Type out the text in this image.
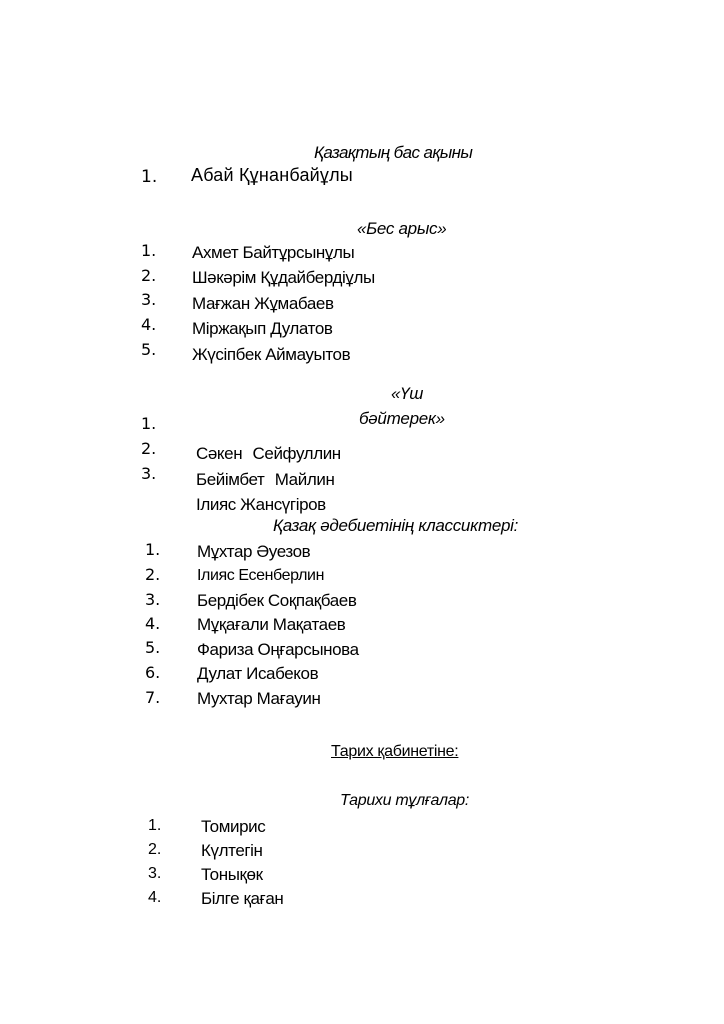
Қазақтың бас ақыны
1. Абай Құнанбайұлы
«Бес арыс»
1. Ахмет Байтұрсынұлы
2. Шәкәрім Құдайбердіұлы
3. Мағжан Жұмабаев
4. Міржақып Дулатов
5. Жүсіпбек Аймауытов
«Үш
бәйтерек»
1.
2.
3.
Сәкен Сейфуллин
Бейімбет Майлин
Ілияс Жансүгіров
Қазақ әдебиетінің классиктері:
1. Мұхтар Әуезов
2. Ілияс Есенберлин
3. Бердібек Соқпақбаев
4. Мұқағали Мақатаев
5. Фариза Оңғарсынова
6. Дулат Исабеков
7. Мухтар Мағауин
Тарих қабинетіне:
Тарихи тұлғалар:
1. Томирис
2. Күлтегін
3. Тонықөк
4. Білге қаған
